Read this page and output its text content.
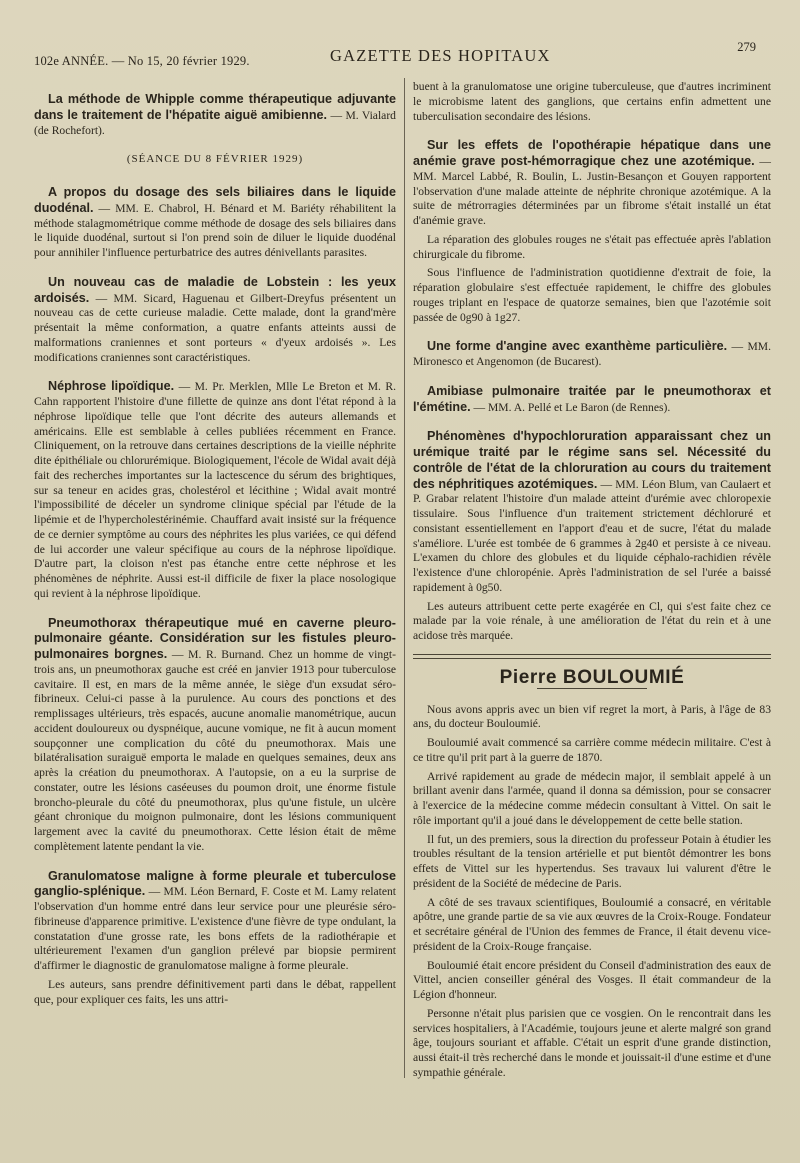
102e ANNÉE. — No 15, 20 février 1929.	GAZETTE DES HOPITAUX	279

La méthode de Whipple comme thérapeutique adjuvante dans le traitement de l'hépatite aiguë amibienne. — M. Vialard (de Rochefort).

(SÉANCE DU 8 FÉVRIER 1929)

A propos du dosage des sels biliaires dans le liquide duodénal. — MM. E. Chabrol, H. Bénard et M. Bariéty réhabilitent la méthode stalagmométrique comme méthode de dosage des sels biliaires dans le liquide duodénal, surtout si l'on prend soin de diluer le liquide duodénal pour annihiler l'influence perturbatrice des autres dénivellants parasites.

Un nouveau cas de maladie de Lobstein : les yeux ardoisés. — MM. Sicard, Haguenau et Gilbert-Dreyfus présentent un nouveau cas de cette curieuse maladie. Cette malade, dont la grand'mère présentait la même conformation, a quatre enfants atteints aussi de malformations craniennes et sont porteurs « d'yeux ardoisés ». Les modifications craniennes sont caractéristiques.

Néphrose lipoïdique. — M. Pr. Merklen, Mlle Le Breton et M. R. Cahn rapportent l'histoire d'une fillette de quinze ans dont l'état répond à la néphrose lipoïdique telle que l'ont décrite des auteurs allemands et américains. Elle est semblable à celles publiées récemment en France. Cliniquement, on la retrouve dans certaines descriptions de la vieille néphrite dite épithéliale ou chlorurémique. Biologiquement, l'école de Widal avait déjà fait des recherches importantes sur la lactescence du sérum des brightiques, sur sa teneur en acides gras, cholestérol et lécithine ; Widal avait montré l'impossibilité de déceler un syndrome clinique spécial par l'étude de la lipémie et de l'hypercholestérinémie. Chauffard avait insisté sur la fréquence de ce dernier symptôme au cours des néphrites les plus variées, ce qui défend de lui accorder une valeur spécifique au cours de la néphrose lipoïdique. D'autre part, la cloison n'est pas étanche entre cette néphrose et les phénomènes de néphrite. Aussi est-il difficile de fixer la place nosologique qui revient à la néphrose lipoïdique.

Pneumothorax thérapeutique mué en caverne pleuro-pulmonaire géante. Considération sur les fistules pleuro-pulmonaires borgnes. — M. R. Burnand. Chez un homme de vingt-trois ans, un pneumothorax gauche est créé en janvier 1913 pour tuberculose cavitaire. Il est, en mars de la même année, le siège d'un exsudat séro-fibrineux. Celui-ci passe à la purulence. Au cours des ponctions et des remplissages ultérieurs, très espacés, aucune anomalie manométrique, aucun accident douloureux ou dyspnéique, aucune vomique, ne fit à aucun moment soupçonner une complication du côté du pneumothorax. Mais une bilatéralisation suraiguë emporta le malade en quelques semaines, deux ans après la création du pneumothorax. A l'autopsie, on a eu la surprise de constater, outre les lésions caséeuses du poumon droit, une énorme fistule broncho-pleurale du côté du pneumothorax, plus qu'une fistule, un ulcère géant chronique du moignon pulmonaire, dont les lésions communiquent largement avec la cavité du pneumothorax. Cette lésion était de même complètement latente pendant la vie.

Granulomatose maligne à forme pleurale et tuberculose ganglio-splénique. — MM. Léon Bernard, F. Coste et M. Lamy relatent l'observation d'un homme entré dans leur service pour une pleurésie séro-fibrineuse d'apparence primitive. L'existence d'une fièvre de type ondulant, la constatation d'une grosse rate, les bons effets de la radiothérapie et ultérieurement l'examen d'un ganglion prélevé par biopsie permirent d'affirmer le diagnostic de granulomatose maligne à forme pleurale.

Les auteurs, sans prendre définitivement parti dans le débat, rappellent que, pour expliquer ces faits, les uns attri-

buent à la granulomatose une origine tuberculeuse, que d'autres incriminent le microbisme latent des ganglions, que certains enfin admettent une tuberculisation secondaire des lésions.

Sur les effets de l'opothérapie hépatique dans une anémie grave post-hémorragique chez une azotémique. — MM. Marcel Labbé, R. Boulin, L. Justin-Besançon et Gouyen rapportent l'observation d'une malade atteinte de néphrite chronique azotémique. A la suite de métrorragies déterminées par un fibrome s'était installé un état d'anémie grave.

La réparation des globules rouges ne s'était pas effectuée après l'ablation chirurgicale du fibrome.

Sous l'influence de l'administration quotidienne d'extrait de foie, la réparation globulaire s'est effectuée rapidement, le chiffre des globules rouges triplant en l'espace de quatorze semaines, bien que l'azotémie soit passée de 0g90 à 1g27.

Une forme d'angine avec exanthème particulière. — MM. Mironesco et Angenomon (de Bucarest).

Amibiase pulmonaire traitée par le pneumothorax et l'émétine. — MM. A. Pellé et Le Baron (de Rennes).

Phénomènes d'hypochloruration apparaissant chez un urémique traité par le régime sans sel. Nécessité du contrôle de l'état de la chloruration au cours du traitement des néphritiques azotémiques. — MM. Léon Blum, van Caulaert et P. Grabar relatent l'histoire d'un malade atteint d'urémie avec chloropexie tissulaire. Sous l'influence d'un traitement strictement déchloruré et consistant essentiellement en l'apport d'eau et de sucre, l'état du malade s'améliore. L'urée est tombée de 6 grammes à 2g40 et persiste à ce niveau. L'examen du chlore des globules et du liquide céphalo-rachidien révèle l'existence d'une chloropénie. Après l'administration de sel l'urée a baissé rapidement à 0g50.

Les auteurs attribuent cette perte exagérée en Cl, qui s'est faite chez ce malade par la voie rénale, à une amélioration de l'état du rein et à une acidose très marquée.

Pierre BOULOUMIÉ

Nous avons appris avec un bien vif regret la mort, à Paris, à l'âge de 83 ans, du docteur Bouloumié.

Bouloumié avait commencé sa carrière comme médecin militaire. C'est à ce titre qu'il prit part à la guerre de 1870.

Arrivé rapidement au grade de médecin major, il semblait appelé à un brillant avenir dans l'armée, quand il donna sa démission, pour se consacrer à l'exercice de la médecine comme médecin consultant à Vittel. On sait le rôle important qu'il a joué dans le développement de cette belle station.

Il fut, un des premiers, sous la direction du professeur Potain à étudier les troubles résultant de la tension artérielle et put bientôt démontrer les bons effets de Vittel sur les hypertendus. Ses travaux lui valurent d'être le président de la Société de médecine de Paris.

A côté de ses travaux scientifiques, Bouloumié a consacré, en véritable apôtre, une grande partie de sa vie aux œuvres de la Croix-Rouge. Fondateur et secrétaire général de l'Union des femmes de France, il était devenu vice-président de la Croix-Rouge française.

Bouloumié était encore président du Conseil d'administration des eaux de Vittel, ancien conseiller général des Vosges. Il était commandeur de la Légion d'honneur.

Personne n'était plus parisien que ce vosgien. On le rencontrait dans les services hospitaliers, à l'Académie, toujours jeune et alerte malgré son grand âge, toujours souriant et affable. C'était un esprit d'une grande distinction, aussi était-il très recherché dans le monde et jouissait-il d'une estime et d'une sympathie générale.
